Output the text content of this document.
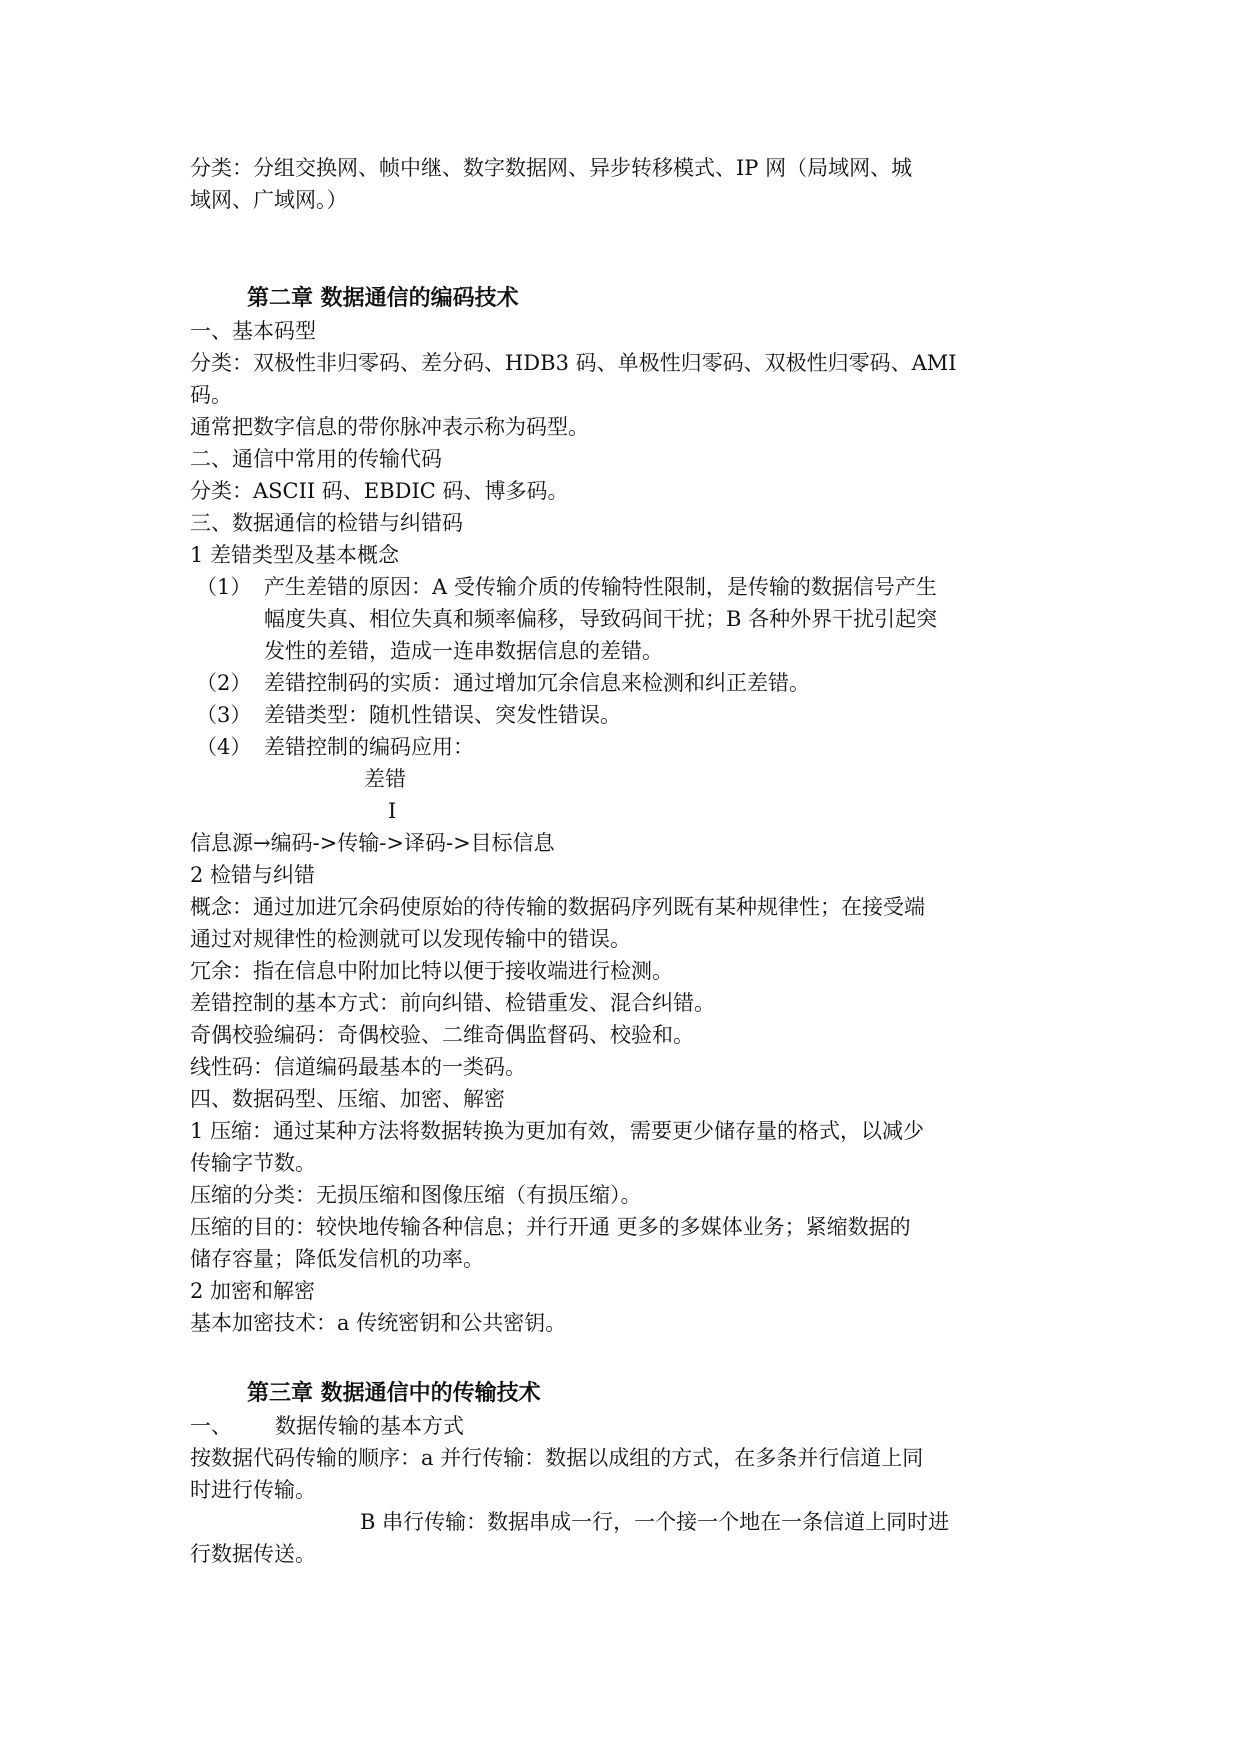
分类：分组交换网、帧中继、数字数据网、异步转移模式、IP 网（局域网、城
域网、广域网。）
第二章 数据通信的编码技术
一、基本码型
分类：双极性非归零码、差分码、HDB3 码、单极性归零码、双极性归零码、AMI
码。
通常把数字信息的带你脉冲表示称为码型。
二、通信中常用的传输代码
分类：ASCII 码、EBDIC 码、博多码。
三、数据通信的检错与纠错码
1 差错类型及基本概念
（1） 产生差错的原因：A 受传输介质的传输特性限制，是传输的数据信号产生
幅度失真、相位失真和频率偏移，导致码间干扰；B 各种外界干扰引起突
发性的差错，造成一连串数据信息的差错。
（2） 差错控制码的实质：通过增加冗余信息来检测和纠正差错。
（3） 差错类型：随机性错误、突发性错误。
（4） 差错控制的编码应用：
差错
I
信息源→编码->传输->译码->目标信息
2 检错与纠错
概念：通过加进冗余码使原始的待传输的数据码序列既有某种规律性；在接受端
通过对规律性的检测就可以发现传输中的错误。
冗余：指在信息中附加比特以便于接收端进行检测。
差错控制的基本方式：前向纠错、检错重发、混合纠错。
奇偶校验编码：奇偶校验、二维奇偶监督码、校验和。
线性码：信道编码最基本的一类码。
四、数据码型、压缩、加密、解密
1 压缩：通过某种方法将数据转换为更加有效，需要更少储存量的格式，以减少
传输字节数。
压缩的分类：无损压缩和图像压缩（有损压缩）。
压缩的目的：较快地传输各种信息；并行开通 更多的多媒体业务；紧缩数据的
储存容量；降低发信机的功率。
2 加密和解密
基本加密技术：a 传统密钥和公共密钥。
第三章 数据通信中的传输技术
一、 数据传输的基本方式
按数据代码传输的顺序：a 并行传输：数据以成组的方式，在多条并行信道上同
时进行传输。
B 串行传输：数据串成一行，一个接一个地在一条信道上同时进
行数据传送。
